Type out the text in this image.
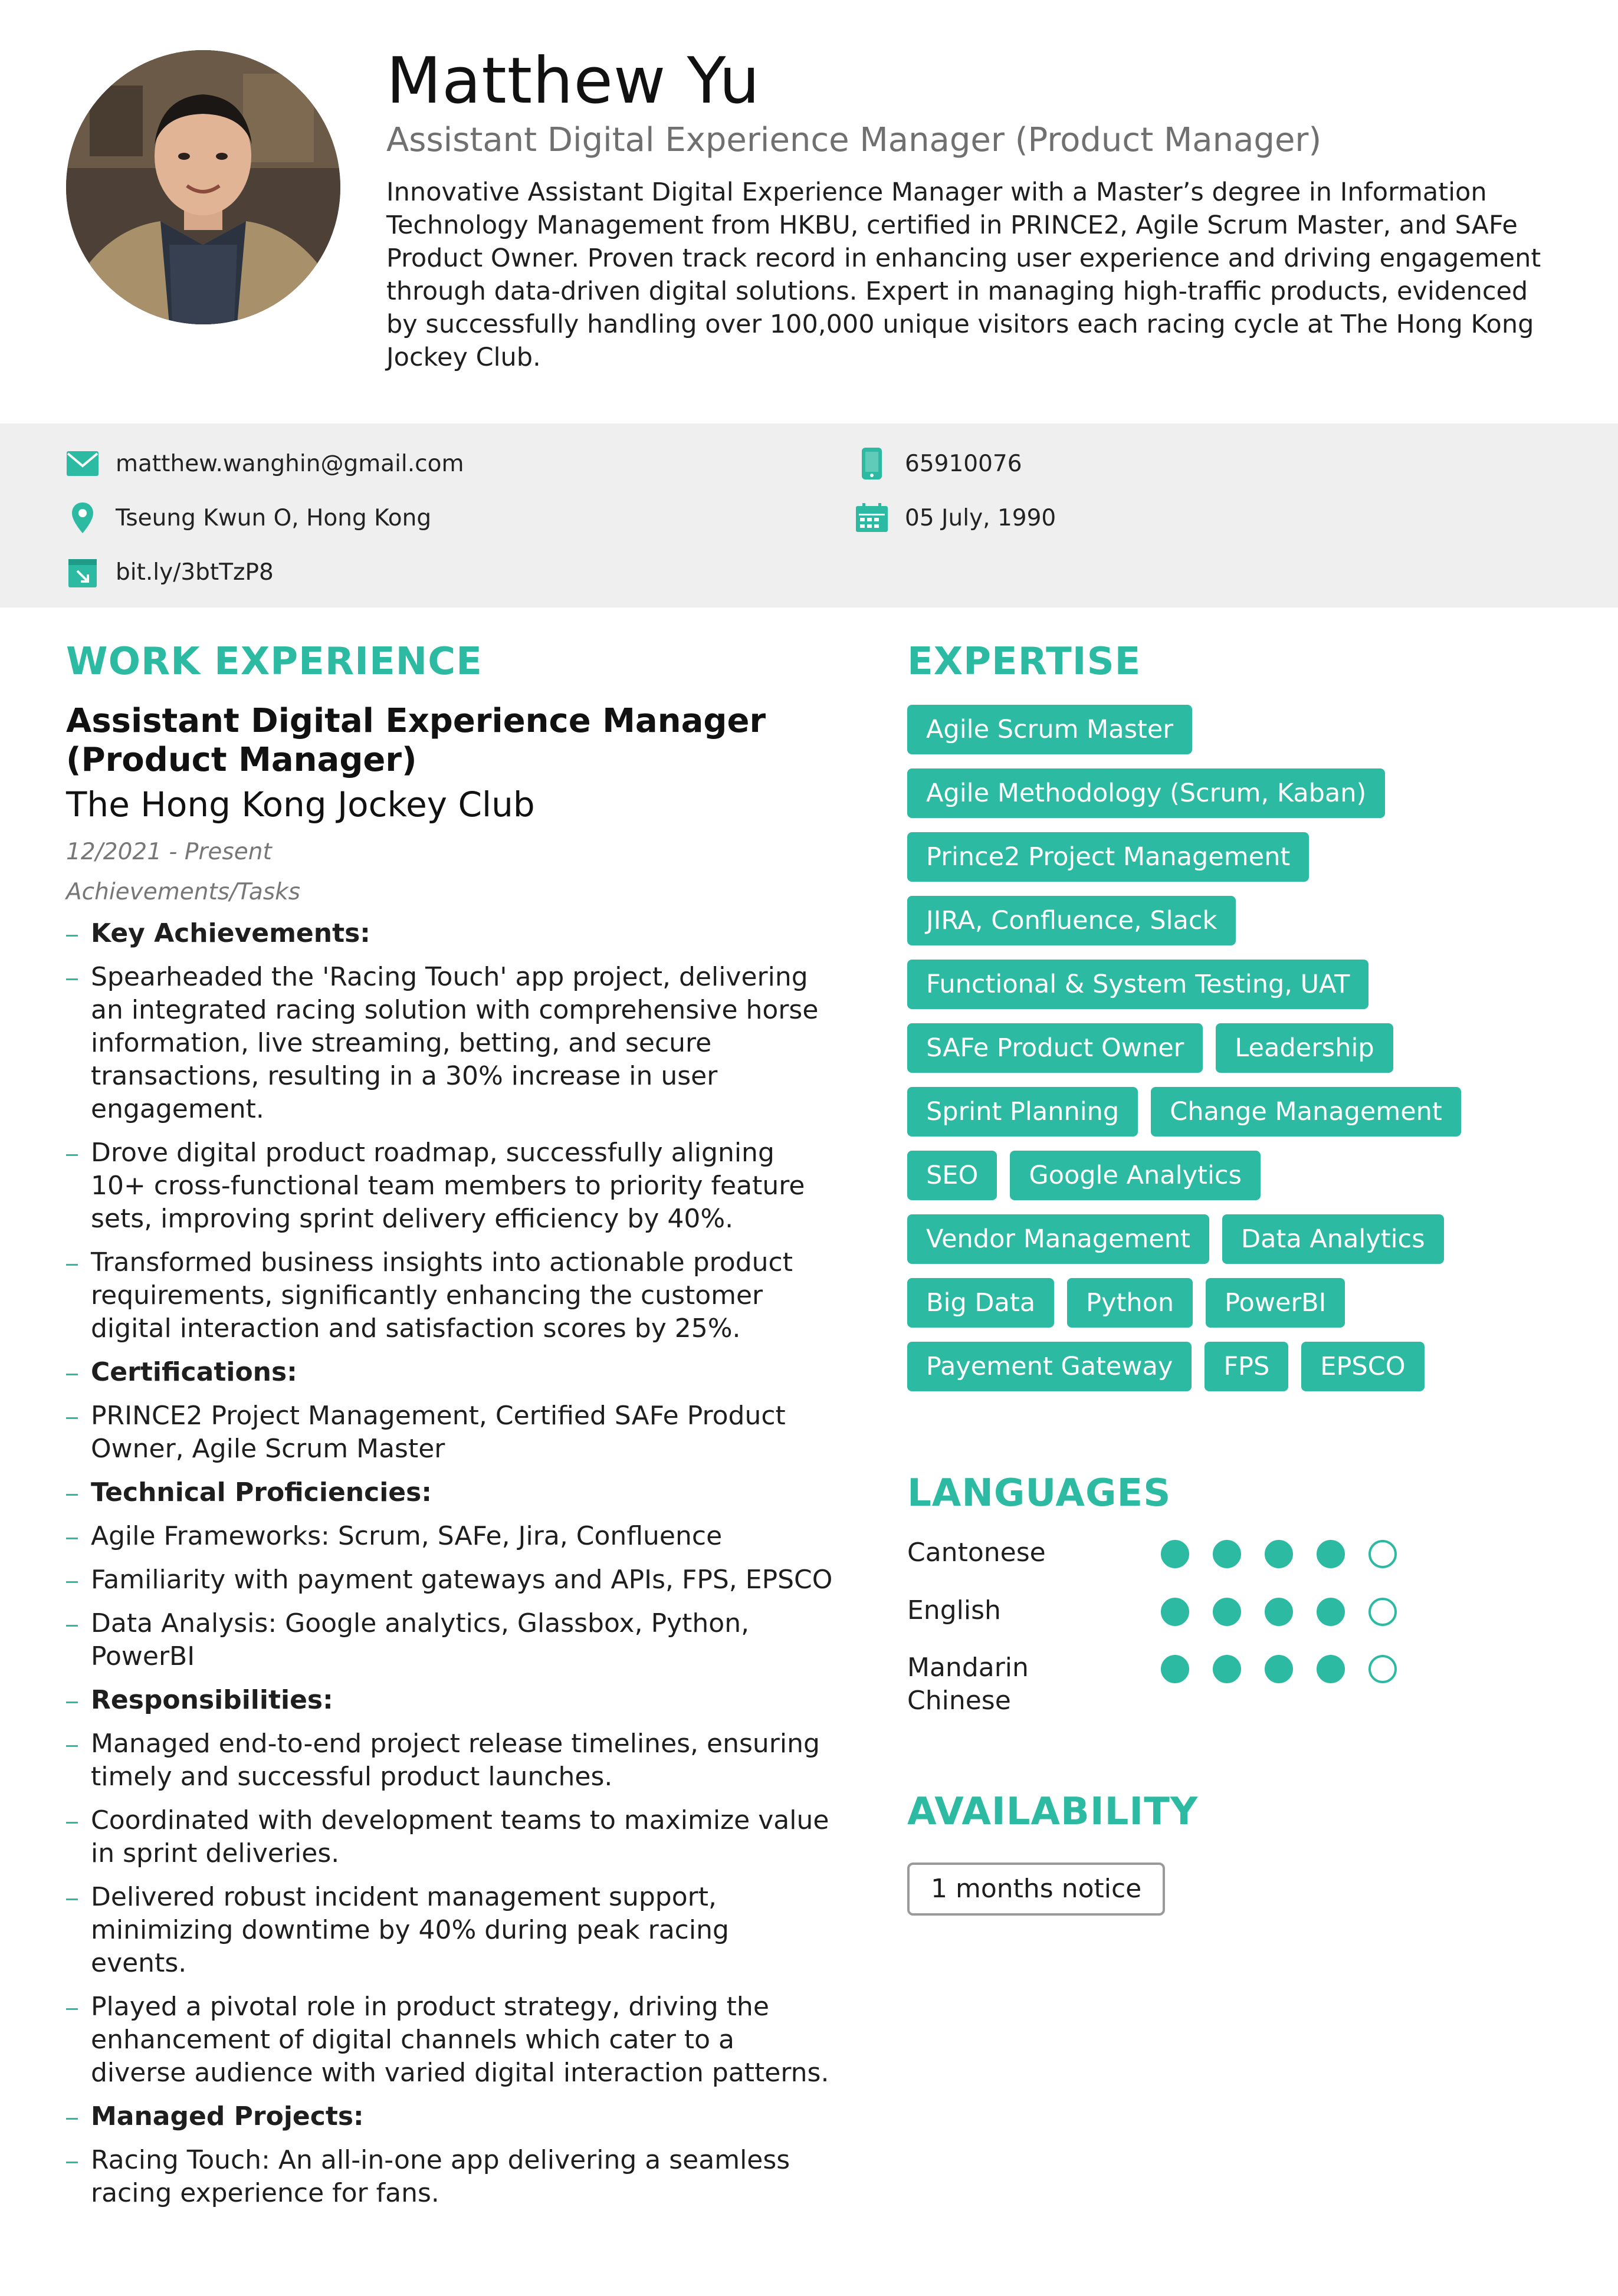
Matthew Yu
Assistant Digital Experience Manager (Product Manager)
Innovative Assistant Digital Experience Manager with a Master’s degree in Information Technology Management from HKBU, certified in PRINCE2, Agile Scrum Master, and SAFe Product Owner. Proven track record in enhancing user experience and driving engagement through data-driven digital solutions. Expert in managing high-traffic products, evidenced by successfully handling over 100,000 unique visitors each racing cycle at The Hong Kong Jockey Club.
matthew.wanghin@gmail.com	65910076
Tseung Kwun O, Hong Kong	05 July, 1990
bit.ly/3btTzP8
WORK EXPERIENCE
Assistant Digital Experience Manager (Product Manager)
The Hong Kong Jockey Club
12/2021 - Present
Achievements/Tasks
Key Achievements:
Spearheaded the 'Racing Touch' app project, delivering an integrated racing solution with comprehensive horse information, live streaming, betting, and secure transactions, resulting in a 30% increase in user engagement.
Drove digital product roadmap, successfully aligning 10+ cross-functional team members to priority feature sets, improving sprint delivery efficiency by 40%.
Transformed business insights into actionable product requirements, significantly enhancing the customer digital interaction and satisfaction scores by 25%.
Certifications:
PRINCE2 Project Management, Certified SAFe Product Owner, Agile Scrum Master
Technical Proficiencies:
Agile Frameworks: Scrum, SAFe, Jira, Confluence
Familiarity with payment gateways and APIs, FPS, EPSCO
Data Analysis: Google analytics, Glassbox, Python, PowerBI
Responsibilities:
Managed end-to-end project release timelines, ensuring timely and successful product launches.
Coordinated with development teams to maximize value in sprint deliveries.
Delivered robust incident management support, minimizing downtime by 40% during peak racing events.
Played a pivotal role in product strategy, driving the enhancement of digital channels which cater to a diverse audience with varied digital interaction patterns.
Managed Projects:
Racing Touch: An all-in-one app delivering a seamless racing experience for fans.
EXPERTISE
Agile Scrum Master
Agile Methodology (Scrum, Kaban)
Prince2 Project Management
JIRA, Confluence, Slack
Functional & System Testing, UAT
SAFe Product Owner	Leadership
Sprint Planning	Change Management
SEO	Google Analytics
Vendor Management	Data Analytics
Big Data	Python	PowerBI
Payement Gateway	FPS	EPSCO
LANGUAGES
Cantonese
English
Mandarin Chinese
AVAILABILITY
1 months notice
